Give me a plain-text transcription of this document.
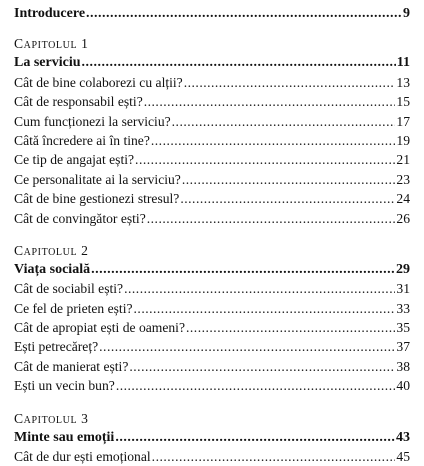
Introducere .....	9
Capitolul 1
La serviciu .....	11
Cât de bine colaborezi cu alții? .....	13
Cât de responsabil ești? .....	15
Cum funcționezi la serviciu? .....	17
Câtă încredere ai în tine? .....	19
Ce tip de angajat ești? .....	21
Ce personalitate ai la serviciu? .....	23
Cât de bine gestionezi stresul? .....	24
Cât de convingător ești? .....	26
Capitolul 2
Viața socială .....	29
Cât de sociabil ești? .....	31
Ce fel de prieten ești? .....	33
Cât de apropiat ești de oameni? .....	35
Ești petrecăreț? .....	37
Cât de manierat ești? .....	38
Ești un vecin bun? .....	40
Capitolul 3
Minte sau emoții .....	43
Cât de dur ești emoțional .....	45
